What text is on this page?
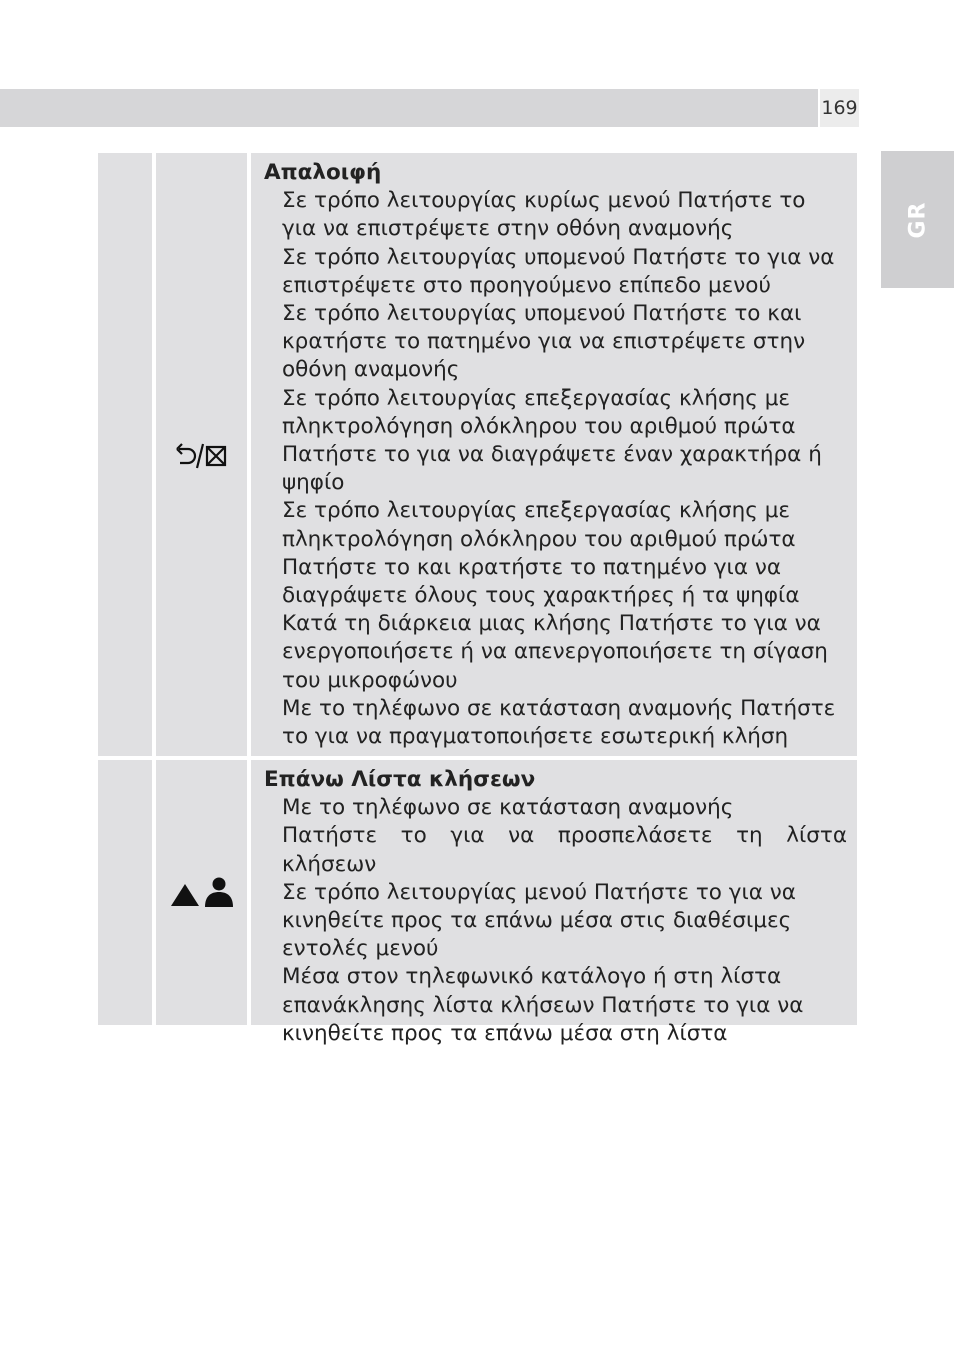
169
GR
Απαλοιφή
Σε τρόπο λειτουργίας κυρίως μενού Πατήστε το
για να επιστρέψετε στην οθόνη αναμονής
Σε τρόπο λειτουργίας υπομενού Πατήστε το για να
επιστρέψετε στο προηγούμενο επίπεδο μενού
Σε τρόπο λειτουργίας υπομενού Πατήστε το και
κρατήστε το πατημένο για να επιστρέψετε στην
οθόνη αναμονής
Σε τρόπο λειτουργίας επεξεργασίας κλήσης με
πληκτρολόγηση ολόκληρου του αριθμού πρώτα
Πατήστε το για να διαγράψετε έναν χαρακτήρα ή
ψηφίο
Σε τρόπο λειτουργίας επεξεργασίας κλήσης με
πληκτρολόγηση ολόκληρου του αριθμού πρώτα
Πατήστε το και κρατήστε το πατημένο για να
διαγράψετε όλους τους χαρακτήρες ή τα ψηφία
Κατά τη διάρκεια μιας κλήσης Πατήστε το για να
ενεργοποιήσετε ή να απενεργοποιήσετε τη σίγαση
του μικροφώνου
Με το τηλέφωνο σε κατάσταση αναμονής Πατήστε
το για να πραγματοποιήσετε εσωτερική κλήση
Επάνω Λίστα κλήσεων
Με το τηλέφωνο σε κατάσταση αναμονής
Πατήστε το για να προσπελάσετε τη λίστα κλήσεων
Σε τρόπο λειτουργίας μενού Πατήστε το για να
κινηθείτε προς τα επάνω μέσα στις διαθέσιμες
εντολές μενού
Μέσα στον τηλεφωνικό κατάλογο ή στη λίστα
επανάκλησης λίστα κλήσεων Πατήστε το για να
κινηθείτε προς τα επάνω μέσα στη λίστα
